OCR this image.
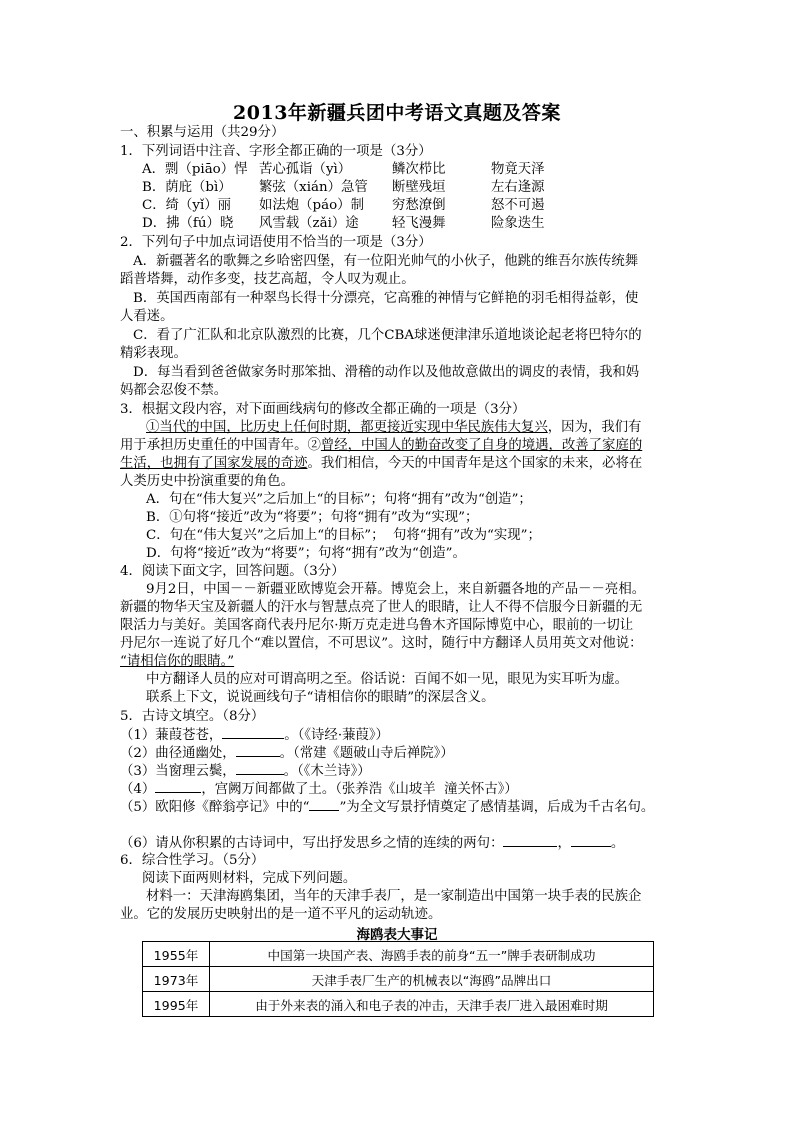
2013年新疆兵团中考语文真题及答案
一、积累与运用（共29分）
1．下列词语中注音、字形全都正确的一项是（3分）
A．剽（piāo）悍 苦心孤诣（yì）	鳞次栉比	物竟天泽
B．荫庇（bì） 繁弦（xián）急管 断壁残垣	左右逢源
C．绮（yǐ）丽 如法炮（páo）制 穷愁潦倒	怒不可遏
D．拂（fú）晓 风雪载（zǎi）途 轻飞漫舞	险象迭生
2．下列句子中加点词语使用不恰当的一项是（3分）
A．新疆著名的歌舞之乡哈密四堡，有一位阳光帅气的小伙子，他跳的维吾尔族传统舞
蹈普塔舞，动作多变，技艺高超，令人叹为观止。
B．英国西南部有一种翠鸟长得十分漂亮，它高雅的神情与它鲜艳的羽毛相得益彰，使
人看迷。
C．看了广汇队和北京队激烈的比赛，几个CBA球迷便津津乐道地谈论起老将巴特尔的
精彩表现。
D．每当看到爸爸做家务时那笨拙、滑稽的动作以及他故意做出的调皮的表情，我和妈
妈都会忍俊不禁。
3．根据文段内容，对下面画线病句的修改全都正确的一项是（3分）
①当代的中国，比历史上任何时期，都更接近实现中华民族伟大复兴，因为，我们有
用于承担历史重任的中国青年。②曾经，中国人的勤奋改变了自身的境遇，改善了家庭的
生活，也拥有了国家发展的奇迹。我们相信，今天的中国青年是这个国家的未来，必将在
人类历史中扮演重要的角色。
A．句在“伟大复兴”之后加上“的目标”；句将“拥有”改为“创造”；
B．①句将“接近”改为“将要”；句将“拥有”改为“实现”；
C．句在“伟大复兴”之后加上“的目标”；  句将“拥有”改为“实现”；
D．句将“接近”改为“将要”；句将“拥有”改为“创造”。
4．阅读下面文字，回答问题。（3分）
9月2日，中国－－新疆亚欧博览会开幕。博览会上，来自新疆各地的产品－－亮相。
新疆的物华天宝及新疆人的汗水与智慧点亮了世人的眼睛，让人不得不信服今日新疆的无
限活力与美好。美国客商代表丹尼尔·斯万克走进乌鲁木齐国际博览中心，眼前的一切让
丹尼尔一连说了好几个“难以置信，不可思议”。这时，随行中方翻译人员用英文对他说：
“请相信你的眼睛。”
中方翻译人员的应对可谓高明之至。俗话说：百闻不如一见，眼见为实耳听为虚。
联系上下文，说说画线句子“请相信你的眼睛”的深层含义。
5．古诗文填空。（8分）
（1）蒹葭苍苍，	。（《诗经·蒹葭》）
（2）曲径通幽处，	。（常建《题破山寺后禅院》）
（3）当窗理云鬓，	。（《木兰诗》）
（4）	，宫阙万间都做了土。（张养浩《山坡羊  潼关怀古》）
（5）欧阳修《醉翁亭记》中的“ ”为全文写景抒情奠定了感情基调，后成为千古名句。
（6）请从你积累的古诗词中，写出抒发思乡之情的连续的两句：	，	。
6．综合性学习。（5分）
阅读下面两则材料，完成下列问题。
材料一：天津海鸥集团，当年的天津手表厂，是一家制造出中国第一块手表的民族企
业。它的发展历史映射出的是一道不平凡的运动轨迹。
海鸥表大事记
1955年	中国第一块国产表、海鸥手表的前身“五一”牌手表研制成功
1973年	天津手表厂生产的机械表以“海鸥”品牌出口
1995年	由于外来表的涌入和电子表的冲击，天津手表厂进入最困难时期
